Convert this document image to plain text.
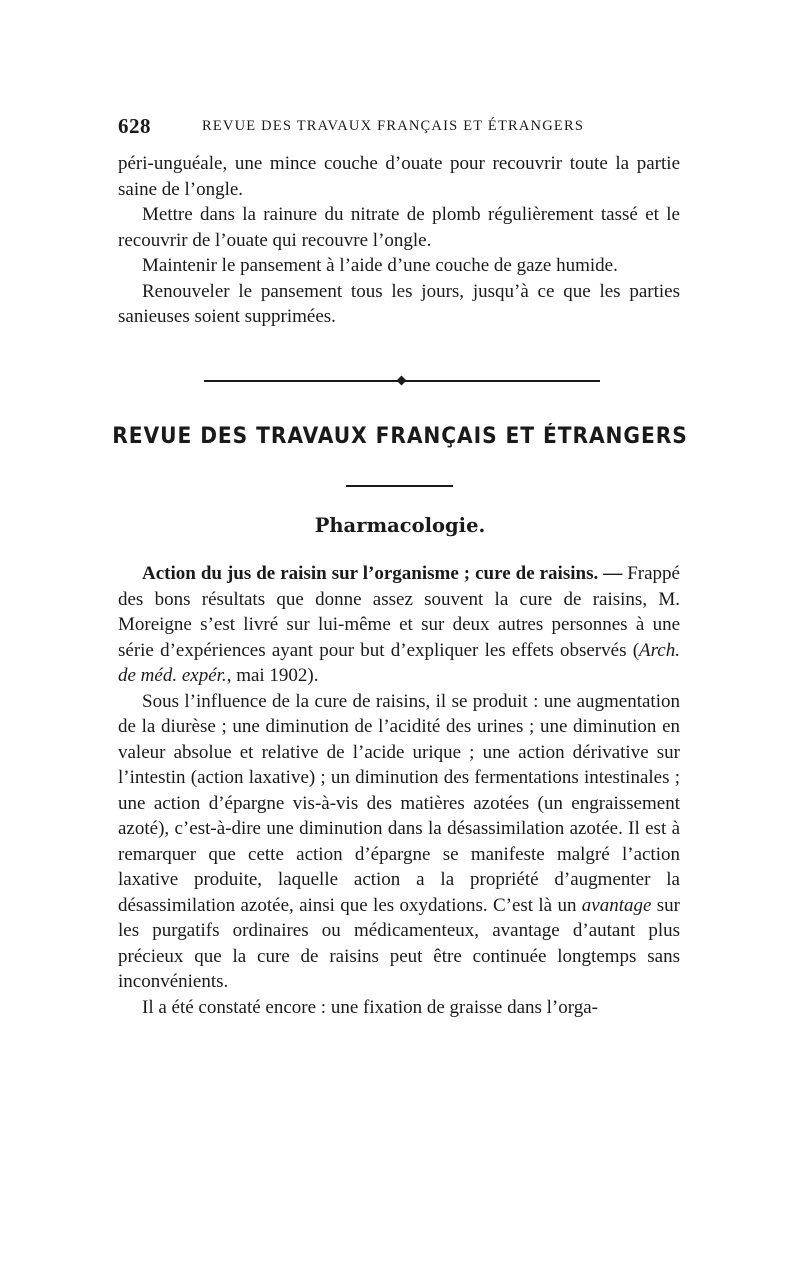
628	REVUE DES TRAVAUX FRANÇAIS ET ÉTRANGERS

péri-unguéale, une mince couche d’ouate pour recouvrir toute la partie saine de l’ongle.

Mettre dans la rainure du nitrate de plomb régulièrement tassé et le recouvrir de l’ouate qui recouvre l’ongle.

Maintenir le pansement à l’aide d’une couche de gaze humide.

Renouveler le pansement tous les jours, jusqu’à ce que les parties sanieuses soient supprimées.

REVUE DES TRAVAUX FRANÇAIS ET ÉTRANGERS
Pharmacologie.

Action du jus de raisin sur l’organisme ; cure de raisins. — Frappé des bons résultats que donne assez souvent la cure de raisins, M. Moreigne s’est livré sur lui-même et sur deux autres personnes à une série d’expériences ayant pour but d’expliquer les effets observés (Arch. de méd. expér., mai 1902).

Sous l’influence de la cure de raisins, il se produit : une augmentation de la diurèse ; une diminution de l’acidité des urines ; une diminution en valeur absolue et relative de l’acide urique ; une action dérivative sur l’intestin (action laxative) ; un diminution des fermentations intestinales ; une action d’épargne vis-à-vis des matières azotées (un engraissement azoté), c’est-à-dire une diminution dans la désassimilation azotée. Il est à remarquer que cette action d’épargne se manifeste malgré l’action laxative produite, laquelle action a la propriété d’augmenter la désassimilation azotée, ainsi que les oxydations. C’est là un avantage sur les purgatifs ordinaires ou médicamenteux, avantage d’autant plus précieux que la cure de raisins peut être continuée longtemps sans inconvénients.

Il a été constaté encore : une fixation de graisse dans l’orga-
